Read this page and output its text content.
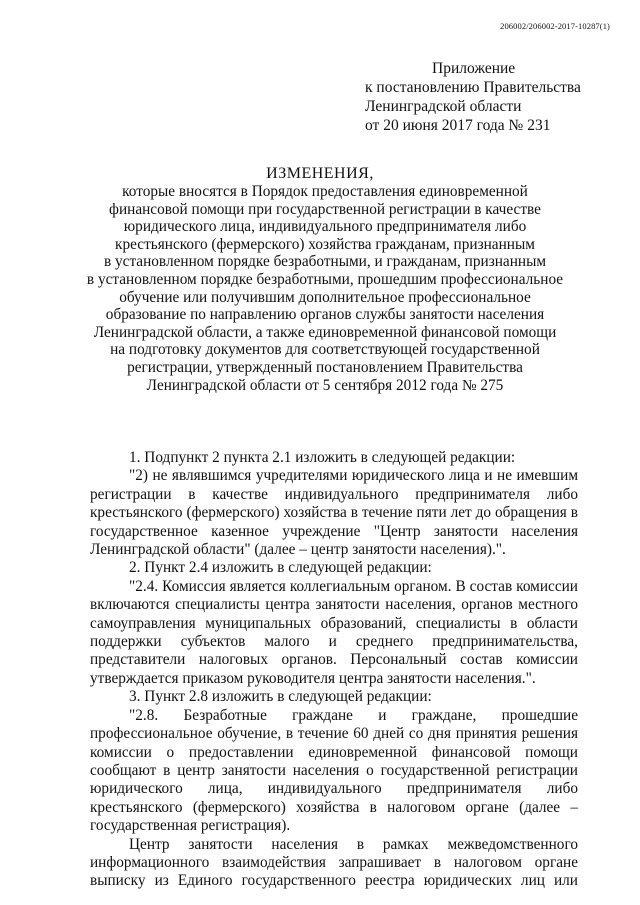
206002/206002-2017-10287(1)
Приложение
к постановлению Правительства
Ленинградской области
от 20 июня 2017 года № 231
ИЗМЕНЕНИЯ,
которые вносятся в Порядок предоставления единовременной
финансовой помощи при государственной регистрации в качестве
юридического лица, индивидуального предпринимателя либо
крестьянского (фермерского) хозяйства гражданам, признанным
в установленном порядке безработными, и гражданам, признанным
в установленном порядке безработными, прошедшим профессиональное
обучение или получившим дополнительное профессиональное
образование по направлению органов службы занятости населения
Ленинградской области, а также единовременной финансовой помощи
на подготовку документов для соответствующей государственной
регистрации, утвержденный постановлением Правительства
Ленинградской области от 5 сентября 2012 года № 275

1. Подпункт 2 пункта 2.1 изложить в следующей редакции:

"2) не являвшимся учредителями юридического лица и не имевшим регистрации в качестве индивидуального предпринимателя либо крестьянского (фермерского) хозяйства в течение пяти лет до обращения в государственное казенное учреждение "Центр занятости населения Ленинградской области" (далее – центр занятости населения).".

2. Пункт 2.4 изложить в следующей редакции:

"2.4. Комиссия является коллегиальным органом. В состав комиссии включаются специалисты центра занятости населения, органов местного самоуправления муниципальных образований, специалисты в области поддержки субъектов малого и среднего предпринимательства, представители налоговых органов. Персональный состав комиссии утверждается приказом руководителя центра занятости населения.".

3. Пункт 2.8 изложить в следующей редакции:

"2.8. Безработные граждане и граждане, прошедшие профессиональное обучение, в течение 60 дней со дня принятия решения комиссии о предоставлении единовременной финансовой помощи сообщают в центр занятости населения о государственной регистрации юридического лица, индивидуального предпринимателя либо крестьянского (фермерского) хозяйства в налоговом органе (далее – государственная регистрация).

Центр занятости населения в рамках межведомственного информационного взаимодействия запрашивает в налоговом органе выписку из Единого государственного реестра юридических лиц или
